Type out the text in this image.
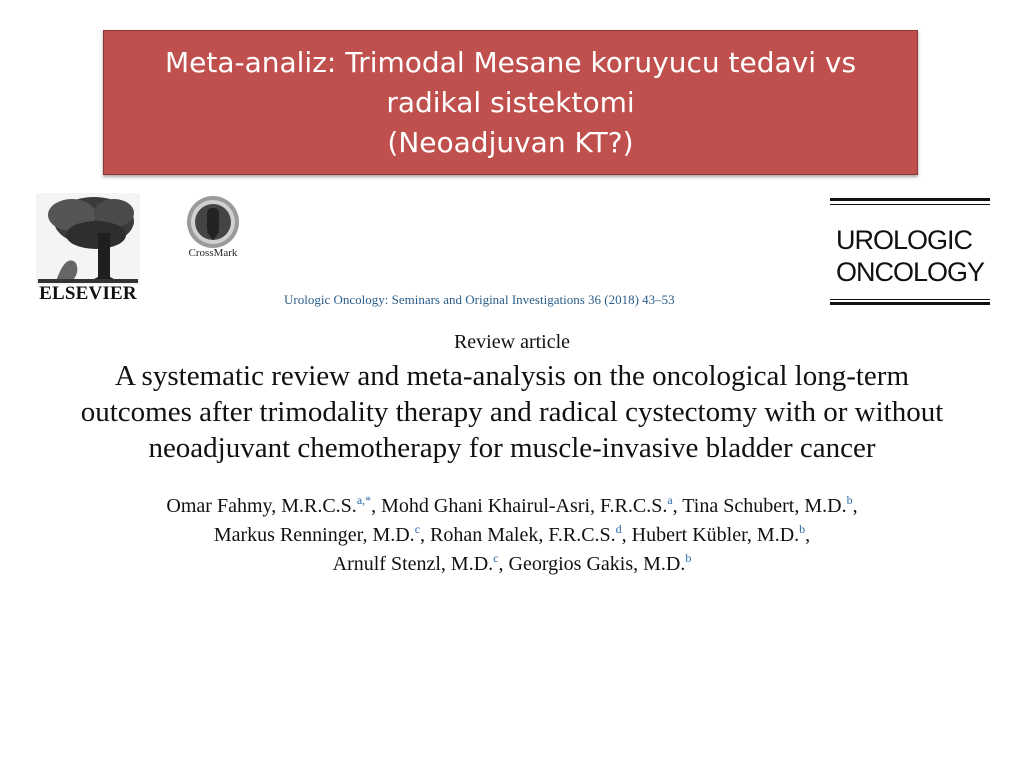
Meta-analiz: Trimodal Mesane koruyucu tedavi vs
radikal sistektomi
(Neoadjuvan KT?)
ELSEVIER
CrossMark
Urologic Oncology: Seminars and Original Investigations 36 (2018) 43–53
UROLOGIC
ONCOLOGY
Review article
A systematic review and meta-analysis on the oncological long-term
outcomes after trimodality therapy and radical cystectomy with or without
neoadjuvant chemotherapy for muscle-invasive bladder cancer
Omar Fahmy, M.R.C.S.$^{a,*}$, Mohd Ghani Khairul-Asri, F.R.C.S.$^a$, Tina Schubert, M.D.$^b$,
Markus Renninger, M.D.$^c$, Rohan Malek, F.R.C.S.$^d$, Hubert Kübler, M.D.$^b$,
Arnulf Stenzl, M.D.$^c$, Georgios Gakis, M.D.$^b$
